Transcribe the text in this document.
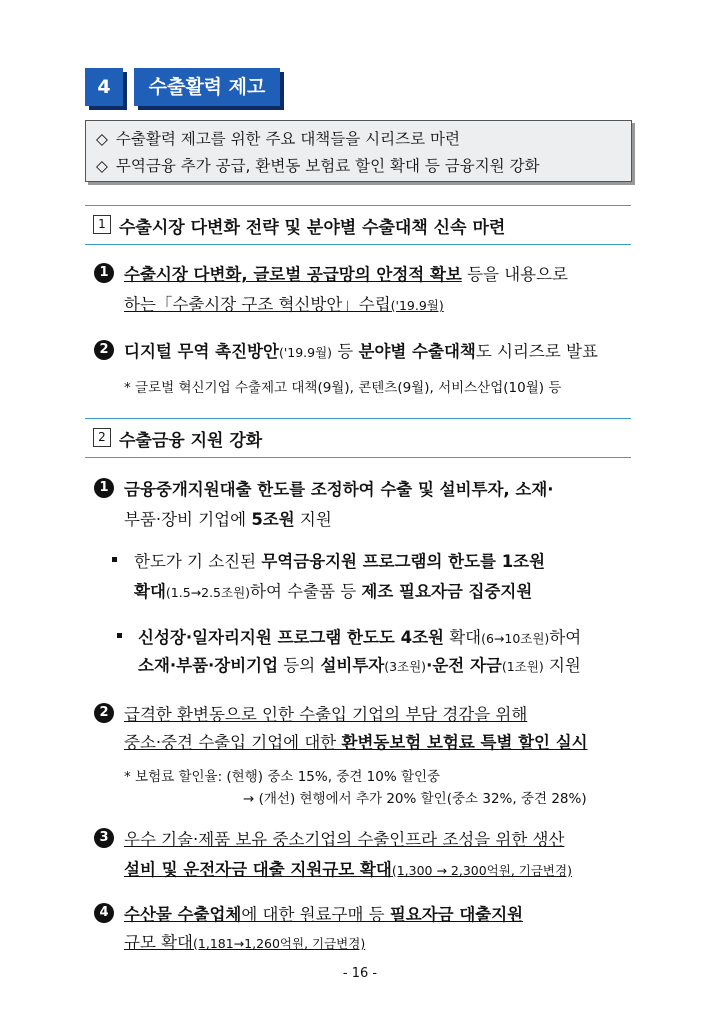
4	수출활력 제고
◇ 수출활력 제고를 위한 주요 대책들을 시리즈로 마련
◇ 무역금융 추가 공급, 환변동 보험료 할인 확대 등 금융지원 강화
1 수출시장 다변화 전략 및 분야별 수출대책 신속 마련
1 수출시장 다변화, 글로벌 공급망의 안정적 확보 등을 내용으로
하는「수출시장 구조 혁신방안」수립('19.9월)
2 디지털 무역 촉진방안('19.9월) 등 분야별 수출대책도 시리즈로 발표
* 글로벌 혁신기업 수출제고 대책(9월), 콘텐츠(9월), 서비스산업(10월) 등
2 수출금융 지원 강화
1 금융중개지원대출 한도를 조정하여 수출 및 설비투자, 소재·
부품·장비 기업에 5조원 지원
한도가 기 소진된 무역금융지원 프로그램의 한도를 1조원
확대(1.5→2.5조원)하여 수출품 등 제조 필요자금 집중지원
신성장·일자리지원 프로그램 한도도 4조원 확대(6→10조원)하여
소재·부품·장비기업 등의 설비투자(3조원)·운전 자금(1조원) 지원
2 급격한 환변동으로 인한 수출입 기업의 부담 경감을 위해
중소·중견 수출입 기업에 대한 환변동보험 보험료 특별 할인 실시
* 보험료 할인율: (현행) 중소 15%, 중견 10% 할인중
→ (개선) 현행에서 추가 20% 할인(중소 32%, 중견 28%)
3 우수 기술·제품 보유 중소기업의 수출인프라 조성을 위한 생산
설비 및 운전자금 대출 지원규모 확대(1,300 → 2,300억원, 기금변경)
4 수산물 수출업체에 대한 원료구매 등 필요자금 대출지원
규모 확대(1,181→1,260억원, 기금변경)
- 16 -
